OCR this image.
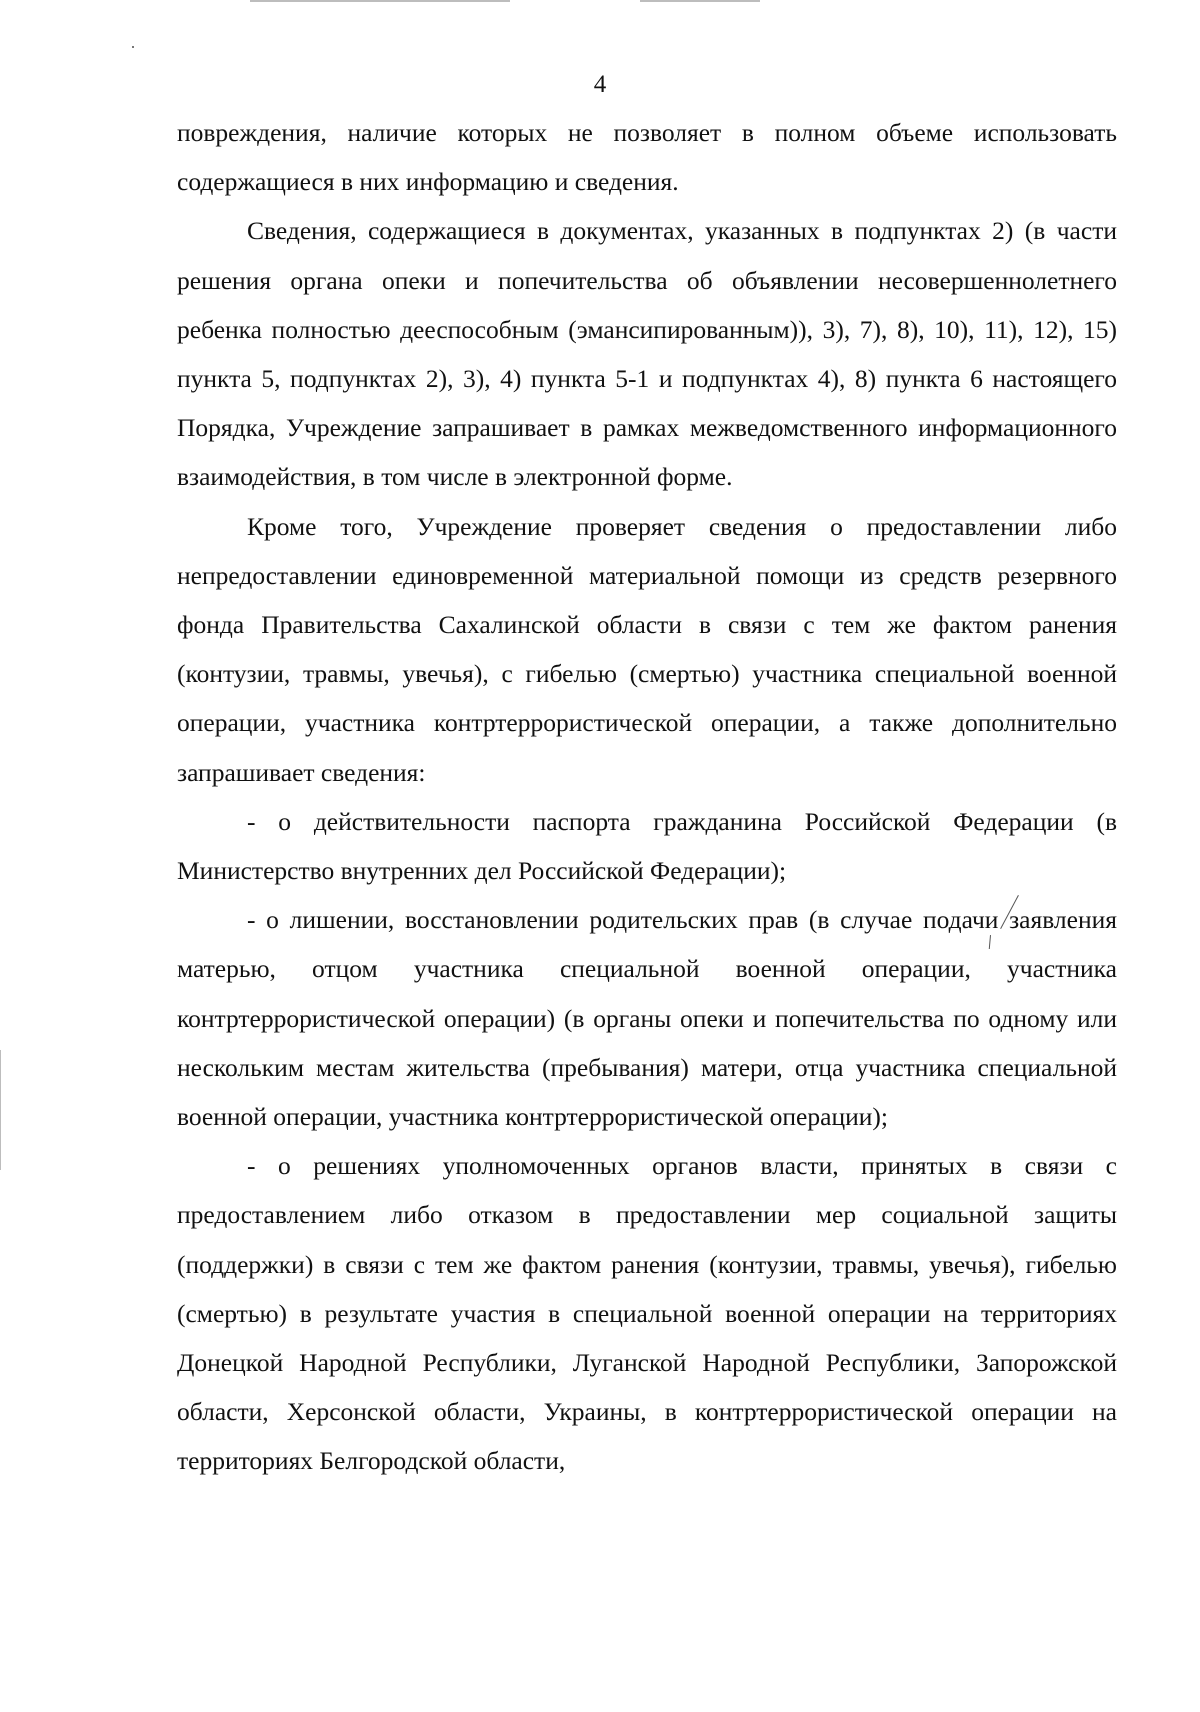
4

повреждения, наличие которых не позволяет в полном объеме использовать содержащиеся в них информацию и сведения.

Сведения, содержащиеся в документах, указанных в подпунктах 2) (в части решения органа опеки и попечительства об объявлении несовершеннолетнего ребенка полностью дееспособным (эмансипированным)), 3), 7), 8), 10), 11), 12), 15) пункта 5, подпунктах 2), 3), 4) пункта 5-1 и подпунктах 4), 8) пункта 6 настоящего Порядка, Учреждение запрашивает в рамках межведомственного информационного взаимодействия, в том числе в электронной форме.

Кроме того, Учреждение проверяет сведения о предоставлении либо непредоставлении единовременной материальной помощи из средств резервного фонда Правительства Сахалинской области в связи с тем же фактом ранения (контузии, травмы, увечья), с гибелью (смертью) участника специальной военной операции, участника контртеррористической операции, а также дополнительно запрашивает сведения:

- о действительности паспорта гражданина Российской Федерации (в Министерство внутренних дел Российской Федерации);

- о лишении, восстановлении родительских прав (в случае подачи заявления матерью, отцом участника специальной военной операции, участника контртеррористической операции) (в органы опеки и попечительства по одному или нескольким местам жительства (пребывания) матери, отца участника специальной военной операции, участника контртеррористической операции);

- о решениях уполномоченных органов власти, принятых в связи с предоставлением либо отказом в предоставлении мер социальной защиты (поддержки) в связи с тем же фактом ранения (контузии, травмы, увечья), гибелью (смертью) в результате участия в специальной военной операции на территориях Донецкой Народной Республики, Луганской Народной Республики, Запорожской области, Херсонской области, Украины, в контртеррористической операции на территориях Белгородской области,
